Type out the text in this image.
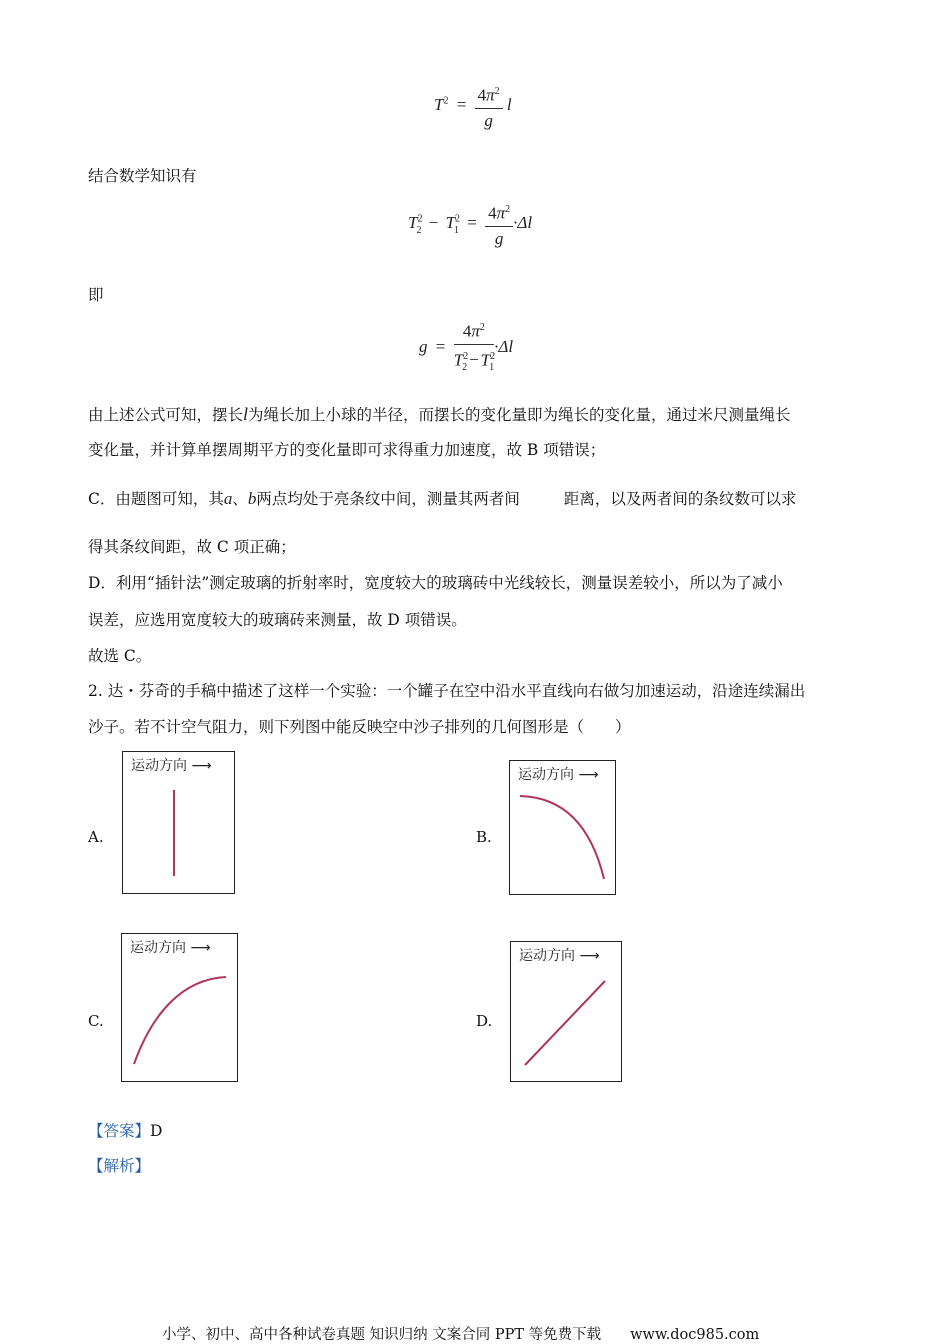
$T^2 = \frac{4\pi^2}{g}$ l
结合数学知识有
$T^2_2 - T^2_1 = \frac{4\pi^2}{g} \cdot\Delta l$
即
$g = \frac{4\pi^2}{T^2_2 - T^2_1} \cdot\Delta l$
由上述公式可知，摆长l为绳长加上小球的半径，而摆长的变化量即为绳长的变化量，通过米尺测量绳长
变化量，并计算单摆周期平方的变化量即可求得重力加速度，故 B 项错误；
C．由题图可知，其a、b两点均处于亮条纹中间，测量其两者间	距离，以及两者间的条纹数可以求
得其条纹间距，故 C 项正确；
D．利用“插针法”测定玻璃的折射率时，宽度较大的玻璃砖中光线较长，测量误差较小，所以为了减小
误差，应选用宽度较大的玻璃砖来测量，故 D 项错误。
故选 C。
2. 达・芬奇的手稿中描述了这样一个实验：一个罐子在空中沿水平直线向右做匀加速运动，沿途连续漏出
沙子。若不计空气阻力，则下列图中能反映空中沙子排列的几何图形是（　　）
A.
运动方向 ⟶
B.
运动方向 ⟶
C.
运动方向 ⟶
D.
运动方向 ⟶
【答案】D
【解析】
小学、初中、高中各种试卷真题 知识归纳 文案合同 PPT 等免费下载　　www.doc985.com
